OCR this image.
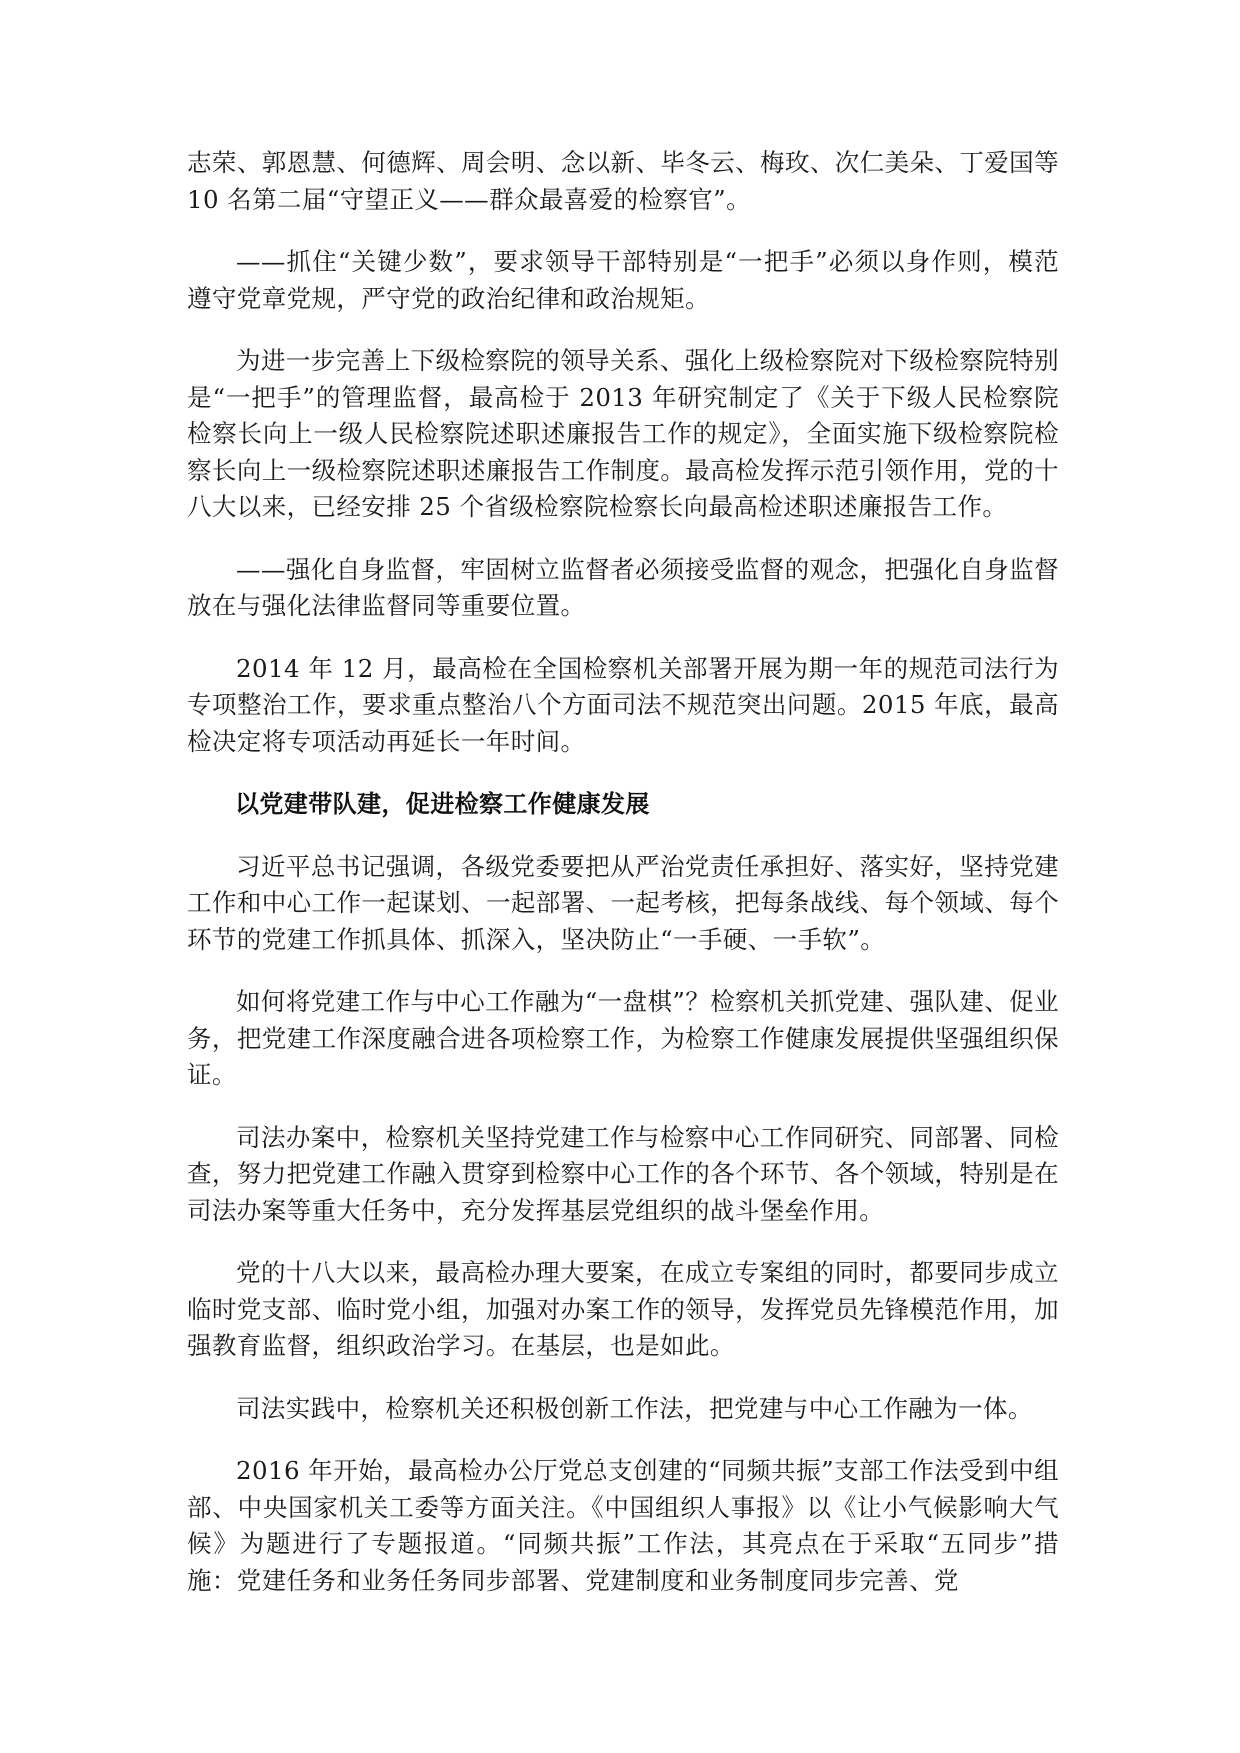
志荣、郭恩慧、何德辉、周会明、念以新、毕冬云、梅玫、次仁美朵、丁爱国等 10 名第二届“守望正义——群众最喜爱的检察官”。

——抓住“关键少数”，要求领导干部特别是“一把手”必须以身作则，模范遵守党章党规，严守党的政治纪律和政治规矩。

为进一步完善上下级检察院的领导关系、强化上级检察院对下级检察院特别是“一把手”的管理监督，最高检于 2013 年研究制定了《关于下级人民检察院检察长向上一级人民检察院述职述廉报告工作的规定》，全面实施下级检察院检察长向上一级检察院述职述廉报告工作制度。最高检发挥示范引领作用，党的十八大以来，已经安排 25 个省级检察院检察长向最高检述职述廉报告工作。

——强化自身监督，牢固树立监督者必须接受监督的观念，把强化自身监督放在与强化法律监督同等重要位置。

2014 年 12 月，最高检在全国检察机关部署开展为期一年的规范司法行为专项整治工作，要求重点整治八个方面司法不规范突出问题。2015 年底，最高检决定将专项活动再延长一年时间。

以党建带队建，促进检察工作健康发展

习近平总书记强调，各级党委要把从严治党责任承担好、落实好，坚持党建工作和中心工作一起谋划、一起部署、一起考核，把每条战线、每个领域、每个环节的党建工作抓具体、抓深入，坚决防止“一手硬、一手软”。

如何将党建工作与中心工作融为“一盘棋”？检察机关抓党建、强队建、促业务，把党建工作深度融合进各项检察工作，为检察工作健康发展提供坚强组织保证。

司法办案中，检察机关坚持党建工作与检察中心工作同研究、同部署、同检查，努力把党建工作融入贯穿到检察中心工作的各个环节、各个领域，特别是在司法办案等重大任务中，充分发挥基层党组织的战斗堡垒作用。

党的十八大以来，最高检办理大要案，在成立专案组的同时，都要同步成立临时党支部、临时党小组，加强对办案工作的领导，发挥党员先锋模范作用，加强教育监督，组织政治学习。在基层，也是如此。

司法实践中，检察机关还积极创新工作法，把党建与中心工作融为一体。

2016 年开始，最高检办公厅党总支创建的“同频共振”支部工作法受到中组部、中央国家机关工委等方面关注。《中国组织人事报》以《让小气候影响大气候》为题进行了专题报道。“同频共振”工作法，其亮点在于采取“五同步”措施：党建任务和业务任务同步部署、党建制度和业务制度同步完善、党
